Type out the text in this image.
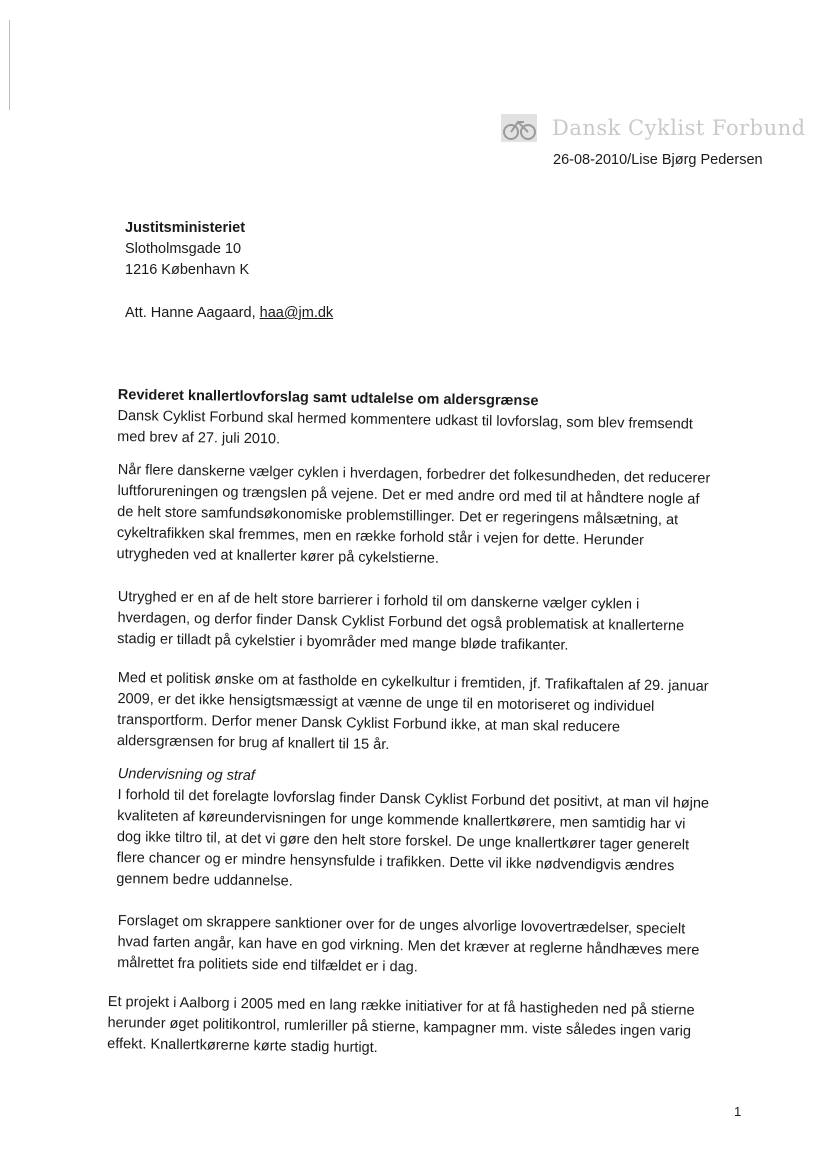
Dansk Cyklist Forbund
26-08-2010/Lise Bjørg Pedersen
Justitsministeriet
Slotholmsgade 10
1216 København K
Att. Hanne Aagaard, haa@jm.dk
Revideret knallertlovforslag samt udtalelse om aldersgrænse
Dansk Cyklist Forbund skal hermed kommentere udkast til lovforslag, som blev fremsendt
med brev af 27. juli 2010.
Når flere danskerne vælger cyklen i hverdagen, forbedrer det folkesundheden, det reducerer
luftforureningen og trængslen på vejene. Det er med andre ord med til at håndtere nogle af
de helt store samfundsøkonomiske problemstillinger. Det er regeringens målsætning, at
cykeltrafikken skal fremmes, men en række forhold står i vejen for dette. Herunder
utrygheden ved at knallerter kører på cykelstierne.
Utryghed er en af de helt store barrierer i forhold til om danskerne vælger cyklen i
hverdagen, og derfor finder Dansk Cyklist Forbund det også problematisk at knallerterne
stadig er tilladt på cykelstier i byområder med mange bløde trafikanter.
Med et politisk ønske om at fastholde en cykelkultur i fremtiden, jf. Trafikaftalen af 29. januar
2009, er det ikke hensigtsmæssigt at vænne de unge til en motoriseret og individuel
transportform. Derfor mener Dansk Cyklist Forbund ikke, at man skal reducere
aldersgrænsen for brug af knallert til 15 år.
Undervisning og straf
I forhold til det forelagte lovforslag finder Dansk Cyklist Forbund det positivt, at man vil højne
kvaliteten af køreundervisningen for unge kommende knallertkørere, men samtidig har vi
dog ikke tiltro til, at det vi gøre den helt store forskel. De unge knallertkører tager generelt
flere chancer og er mindre hensynsfulde i trafikken. Dette vil ikke nødvendigvis ændres
gennem bedre uddannelse.
Forslaget om skrappere sanktioner over for de unges alvorlige lovovertrædelser, specielt
hvad farten angår, kan have en god virkning. Men det kræver at reglerne håndhæves mere
målrettet fra politiets side end tilfældet er i dag.
Et projekt i Aalborg i 2005 med en lang række initiativer for at få hastigheden ned på stierne
herunder øget politikontrol, rumleriller på stierne, kampagner mm. viste således ingen varig
effekt. Knallertkørerne kørte stadig hurtigt.
1
